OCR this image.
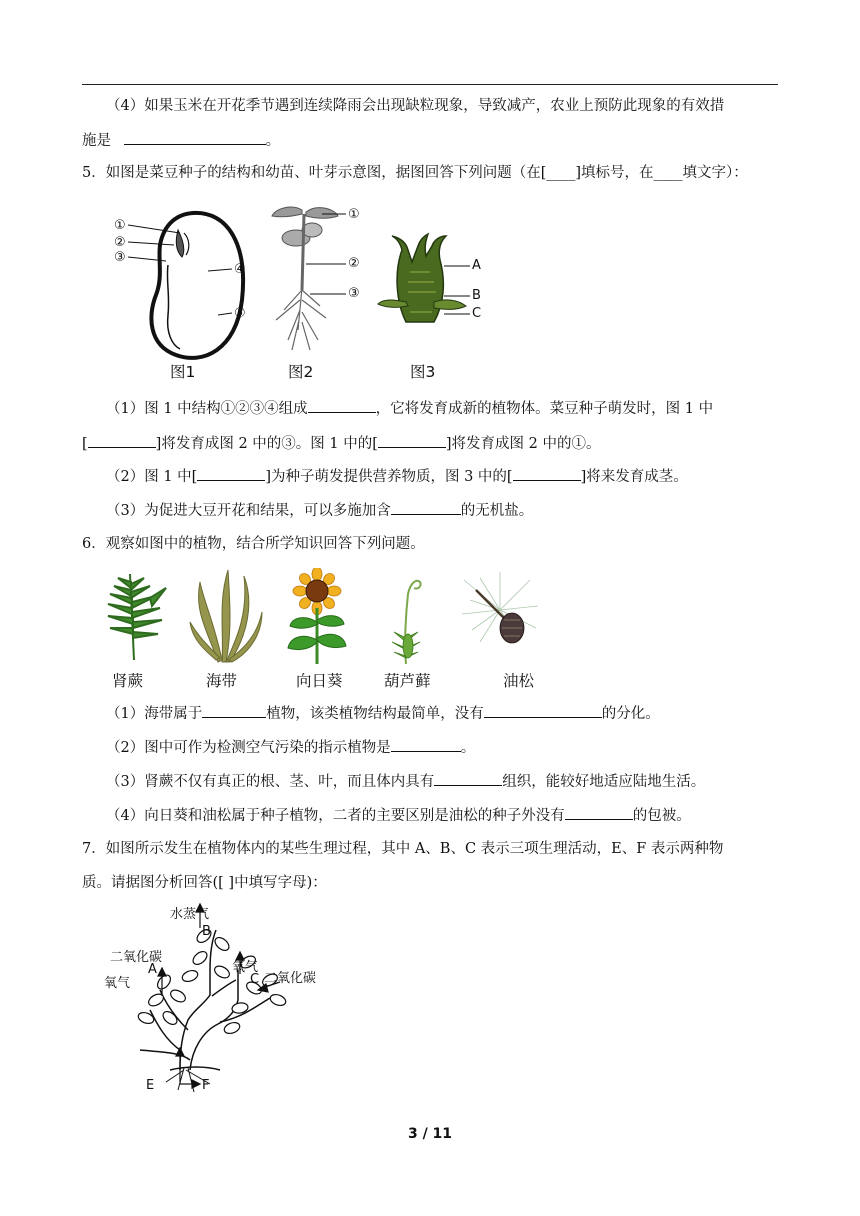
（4）如果玉米在开花季节遇到连续降雨会出现缺粒现象，导致减产，农业上预防此现象的有效措
施是	。
5．如图是菜豆种子的结构和幼苗、叶芽示意图，据图回答下列问题（在[____]填标号，在____填文字）：
①
②
③
④
⑤
图1
①
②
③
图2
A
B
C
图3
（1）图 1 中结构①②③④组成	，它将发育成新的植物体。菜豆种子萌发时，图 1 中
[	]将发育成图 2 中的③。图 1 中的[	]将发育成图 2 中的①。
（2）图 1 中[	]为种子萌发提供营养物质，图 3 中的[	]将来发育成茎。
（3）为促进大豆开花和结果，可以多施加含	的无机盐。
6．观察如图中的植物，结合所学知识回答下列问题。
肾蕨	海带	向日葵	葫芦藓	油松
（1）海带属于	植物，该类植物结构最简单，没有	的分化。
（2）图中可作为检测空气污染的指示植物是	。
（3）肾蕨不仅有真正的根、茎、叶，而且体内具有	组织，能较好地适应陆地生活。
（4）向日葵和油松属于种子植物，二者的主要区别是油松的种子外没有	的包被。
7．如图所示发生在植物体内的某些生理过程，其中 A、B、C 表示三项生理活动，E、F 表示两种物
质。请据图分析回答([ ]中填写字母)：
水蒸气
B
二氧化碳
A
氧气
氧气
C 二氧化碳
E	F
3 / 11
